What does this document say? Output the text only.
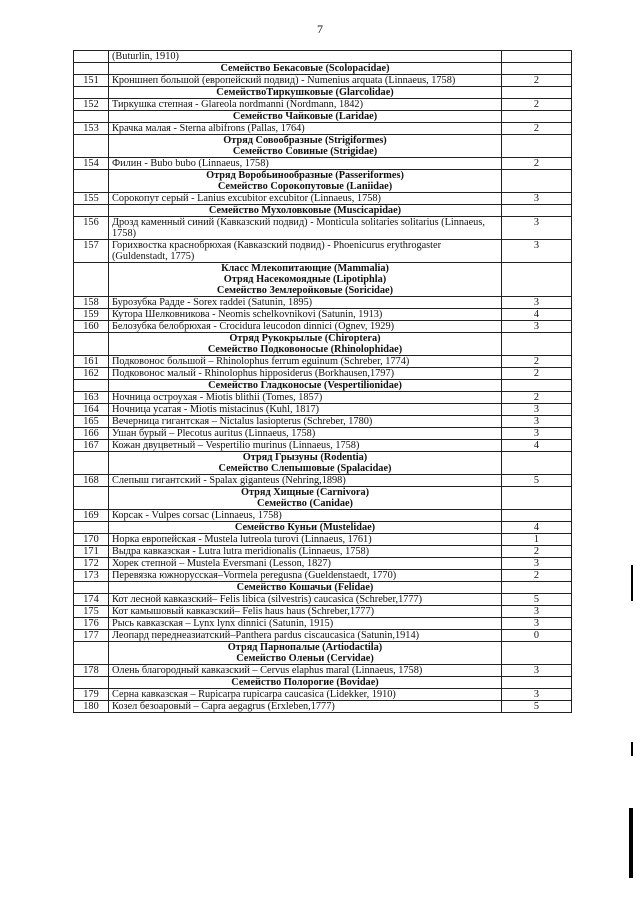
7
	(Buturlin, 1910)	

	Семейство Бекасовые (Scolopacidae)	

151	Кроншнеп большой (европейский подвид) - Numenius arquata (Linnaeus, 1758)	2

	СемействоТиркушковые (Glarcolidae)	

152	Тиркушка степная - Glareola nordmanni (Nordmann, 1842)	2

	Семейство Чайковые (Laridae)	

153	Крачка малая - Sterna albifrons (Pallas, 1764)	2

	Отряд Совообразные (Strigiformes)
Семейство Совиные (Strigidae)	

154	Филин - Bubo bubo (Linnaeus, 1758)	2

	Отряд Воробьинообразные (Passeriformes)
Семейство Сорокопутовые (Laniidae)	

155	Сорокопут серый - Lanius excubitor excubitor (Linnaeus, 1758)	3

	Семейство Мухоловковые (Muscicapidae)	

156	Дрозд каменный синий (Кавказский подвид) - Monticula solitaries solitarius (Linnaeus, 1758)	3
157	Горихвостка краснобрюхая (Кавказский подвид) - Phoenicurus erythrogaster (Guldenstadt, 1775)	3

	Класс Млекопитающие (Mammalia)
Отряд Насекомоядные (Lipotiphla)
Семейство Землеройковые (Soricidae)	

158	Бурозубка Радде - Sorex raddei (Satunin, 1895)	3
159	Кутора Шелковникова - Neomis schelkovnikovi (Satunin, 1913)	4
160	Белозубка белобрюхая - Crocidura leucodon dinnici (Ognev, 1929)	3

	Отряд Рукокрылые (Chiroptera)
Семейство Подковоносые (Rhinolophidae)	

161	Подковонос большой – Rhinolophus ferrum eguinum (Schreber, 1774)	2
162	Подковонос малый - Rhinolophus hipposiderus (Borkhausen,1797)	2

	Семейство Гладконосые (Vespertilionidae)	

163	Ночница остроухая - Miotis blithii (Tomes, 1857)	2
164	Ночница усатая - Miotis mistacinus (Kuhl, 1817)	3
165	Вечерница гигантская – Nictalus lasiopterus (Schreber, 1780)	3
166	Ушан бурый – Plecotus auritus (Linnaeus, 1758)	3
167	Кожан двуцветный – Vespertilio murinus (Linnaeus, 1758)	4

	Отряд Грызуны (Rodentia)
Семейство Слепышовые (Spalacidae)	

168	Слепыш гигантский - Spalax giganteus (Nehring,1898)	5

	Отряд Хищные (Carnivora)
Семейство (Canidae)	

169	Корсак - Vulpes corsac (Linnaeus, 1758)	

	Семейство Куньи (Mustelidae)	4
170	Норка европейская - Mustela lutreola turovi (Linnaeus, 1761)	1
171	Выдра кавказская - Lutra lutra meridionalis (Linnaeus, 1758)	2
172	Хорек степной – Mustela Eversmani (Lesson, 1827)	3
173	Перевязка южнорусская–Vormela peregusna (Gueldenstaedt, 1770)	2

	Семейство Кошачьи (Felidae)	

174	Кот лесной кавказский– Felis libica (silvestris) caucasica (Schreber,1777)	5
175	Кот камышовый кавказский– Felis haus haus (Schreber,1777)	3
176	Рысь кавказская – Lynx lynx dinnici (Satunin, 1915)	3
177	Леопард переднеазиатский–Panthera pardus ciscaucasica (Satunin,1914)	0

	Отряд Парнопалые (Artiodactila)
Семейство Оленьи (Cervidae)	

178	Олень благородный кавказский – Cervus elaphus maral (Linnaeus, 1758)	3

	Семейство Полорогие (Bovidae)	

179	Серна кавказская – Rupicarpa rupicarpa caucasica (Lidekker, 1910)	3
180	Козел безоаровый – Capra aegagrus (Erxleben,1777)	5
